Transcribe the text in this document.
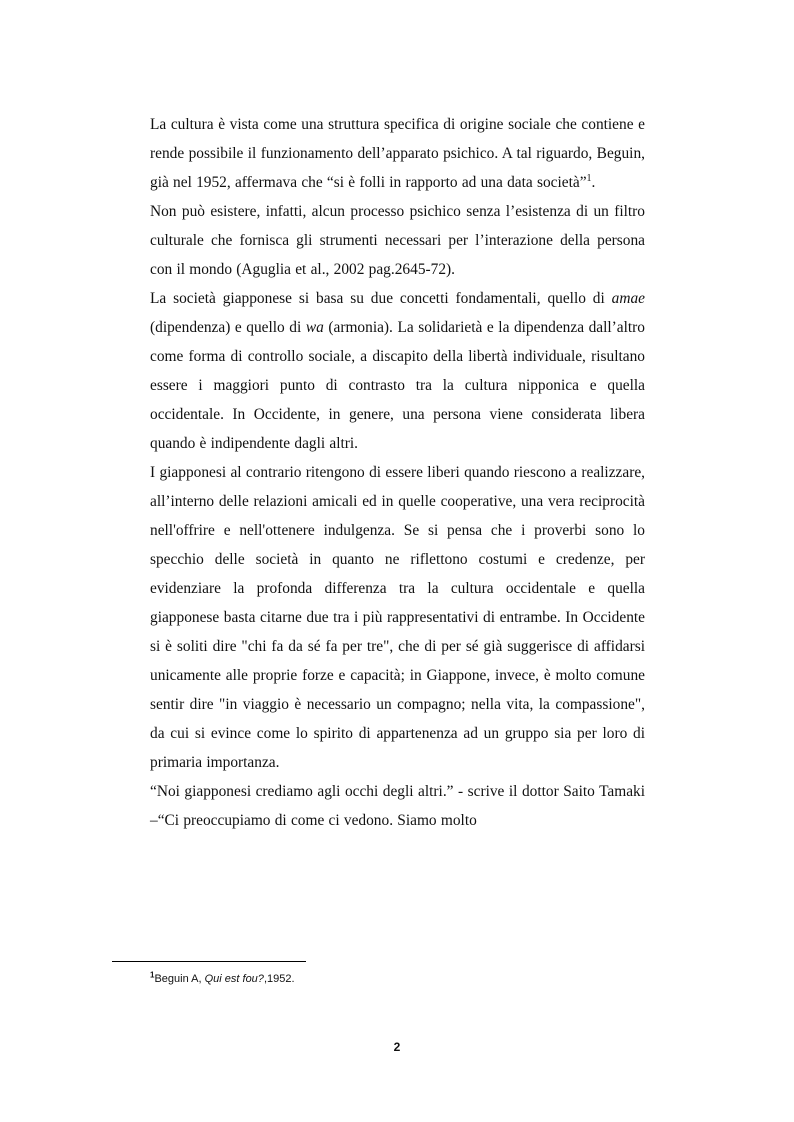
La cultura è vista come una struttura specifica di origine sociale che contiene e rende possibile il funzionamento dell’apparato psichico. A tal riguardo, Beguin, già nel 1952, affermava che “si è folli in rapporto ad una data società”$^1$.

Non può esistere, infatti, alcun processo psichico senza l’esistenza di un filtro culturale che fornisca gli strumenti necessari per l’interazione della persona con il mondo (Aguglia et al., 2002 pag.2645-72).

La società giapponese si basa su due concetti fondamentali, quello di amae (dipendenza) e quello di wa (armonia). La solidarietà e la dipendenza dall’altro come forma di controllo sociale, a discapito della libertà individuale, risultano essere i maggiori punto di contrasto tra la cultura nipponica e quella occidentale. In Occidente, in genere, una persona viene considerata libera quando è indipendente dagli altri.

I giapponesi al contrario ritengono di essere liberi quando riescono a realizzare, all’interno delle relazioni amicali ed in quelle cooperative, una vera reciprocità nell'offrire e nell'ottenere indulgenza. Se si pensa che i proverbi sono lo specchio delle società in quanto ne riflettono costumi e credenze, per evidenziare la profonda differenza tra la cultura occidentale e quella giapponese basta citarne due tra i più rappresentativi di entrambe. In Occidente si è soliti dire "chi fa da sé fa per tre", che di per sé già suggerisce di affidarsi unicamente alle proprie forze e capacità; in Giappone, invece, è molto comune sentir dire "in viaggio è necessario un compagno; nella vita, la compassione", da cui si evince come lo spirito di appartenenza ad un gruppo sia per loro di primaria importanza.

“Noi giapponesi crediamo agli occhi degli altri.” - scrive il dottor Saito Tamaki –“Ci preoccupiamo di come ci vedono. Siamo molto

$^1$Beguin A, Qui est fou?,1952.
2
